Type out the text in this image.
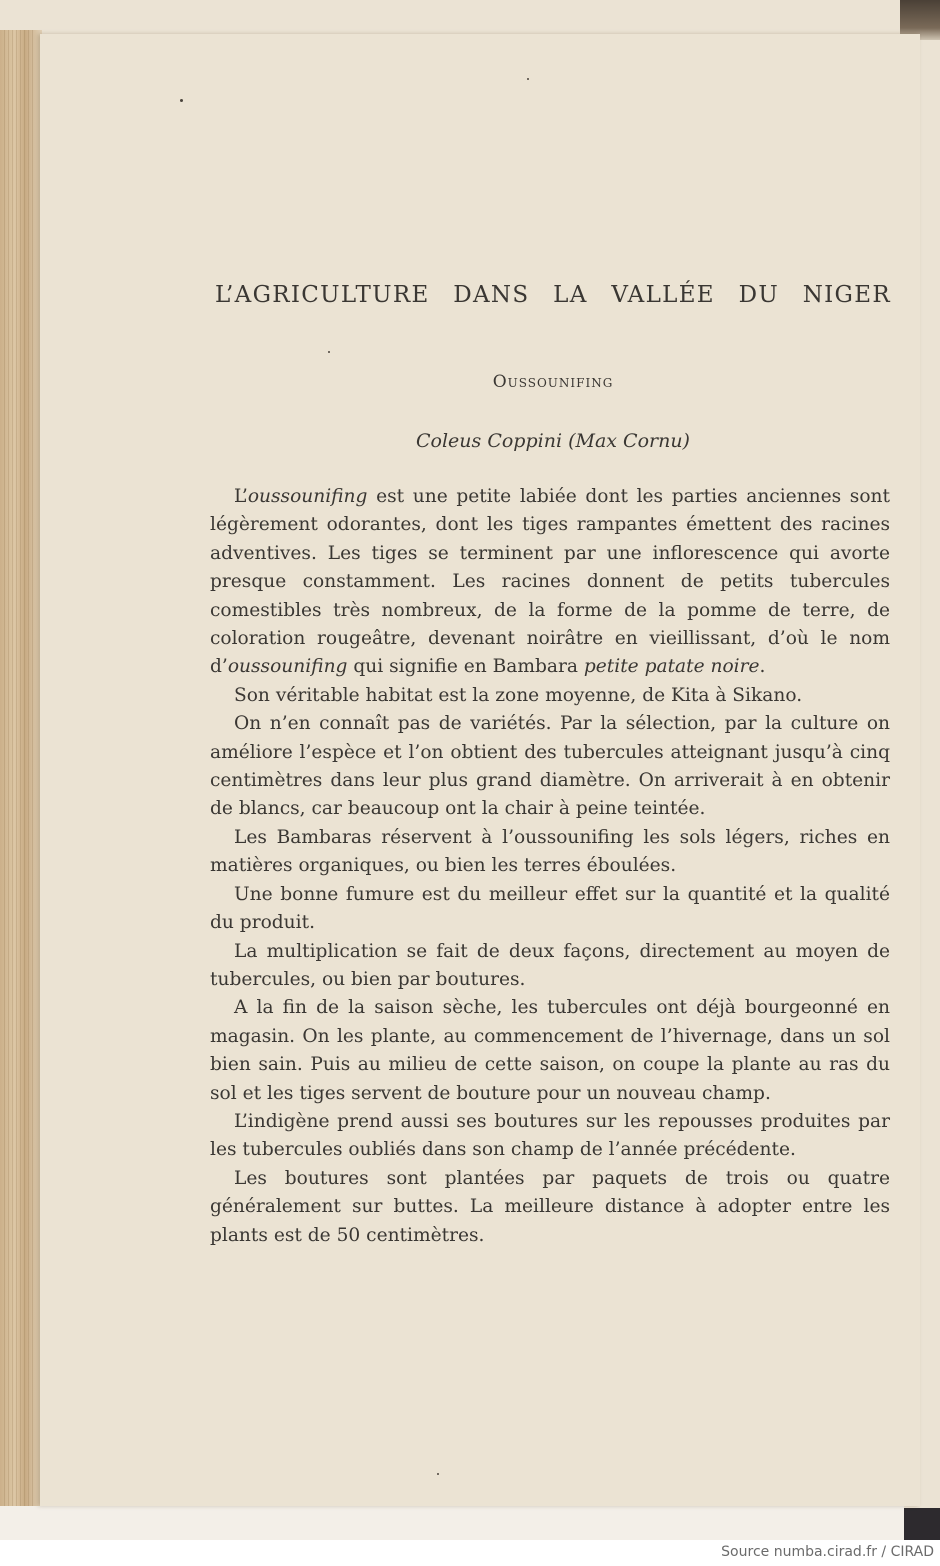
L’AGRICULTURE DANS LA VALLÉE DU NIGER
Oussounifing
Coleus Coppini (Max Cornu)

L’oussounifing est une petite labiée dont les parties anciennes sont légèrement odorantes, dont les tiges rampantes émettent des racines adventives. Les tiges se terminent par une inflorescence qui avorte presque constamment. Les racines donnent de petits tubercules comestibles très nombreux, de la forme de la pomme de terre, de coloration rougeâtre, devenant noirâtre en vieillissant, d’où le nom d’oussounifing qui signifie en Bambara petite patate noire.

Son véritable habitat est la zone moyenne, de Kita à Sikano.

On n’en connaît pas de variétés. Par la sélection, par la culture on améliore l’espèce et l’on obtient des tubercules atteignant jusqu’à cinq centimètres dans leur plus grand diamètre. On arriverait à en obtenir de blancs, car beaucoup ont la chair à peine teintée.

Les Bambaras réservent à l’oussounifing les sols légers, riches en matières organiques, ou bien les terres éboulées.

Une bonne fumure est du meilleur effet sur la quantité et la qualité du produit.

La multiplication se fait de deux façons, directement au moyen de tubercules, ou bien par boutures.

A la fin de la saison sèche, les tubercules ont déjà bourgeonné en magasin. On les plante, au commencement de l’hivernage, dans un sol bien sain. Puis au milieu de cette saison, on coupe la plante au ras du sol et les tiges servent de bouture pour un nouveau champ.

L’indigène prend aussi ses boutures sur les repousses produites par les tubercules oubliés dans son champ de l’année précédente.

Les boutures sont plantées par paquets de trois ou quatre généralement sur buttes. La meilleure distance à adopter entre les plants est de 50 centimètres.

Source numba.cirad.fr / CIRAD
